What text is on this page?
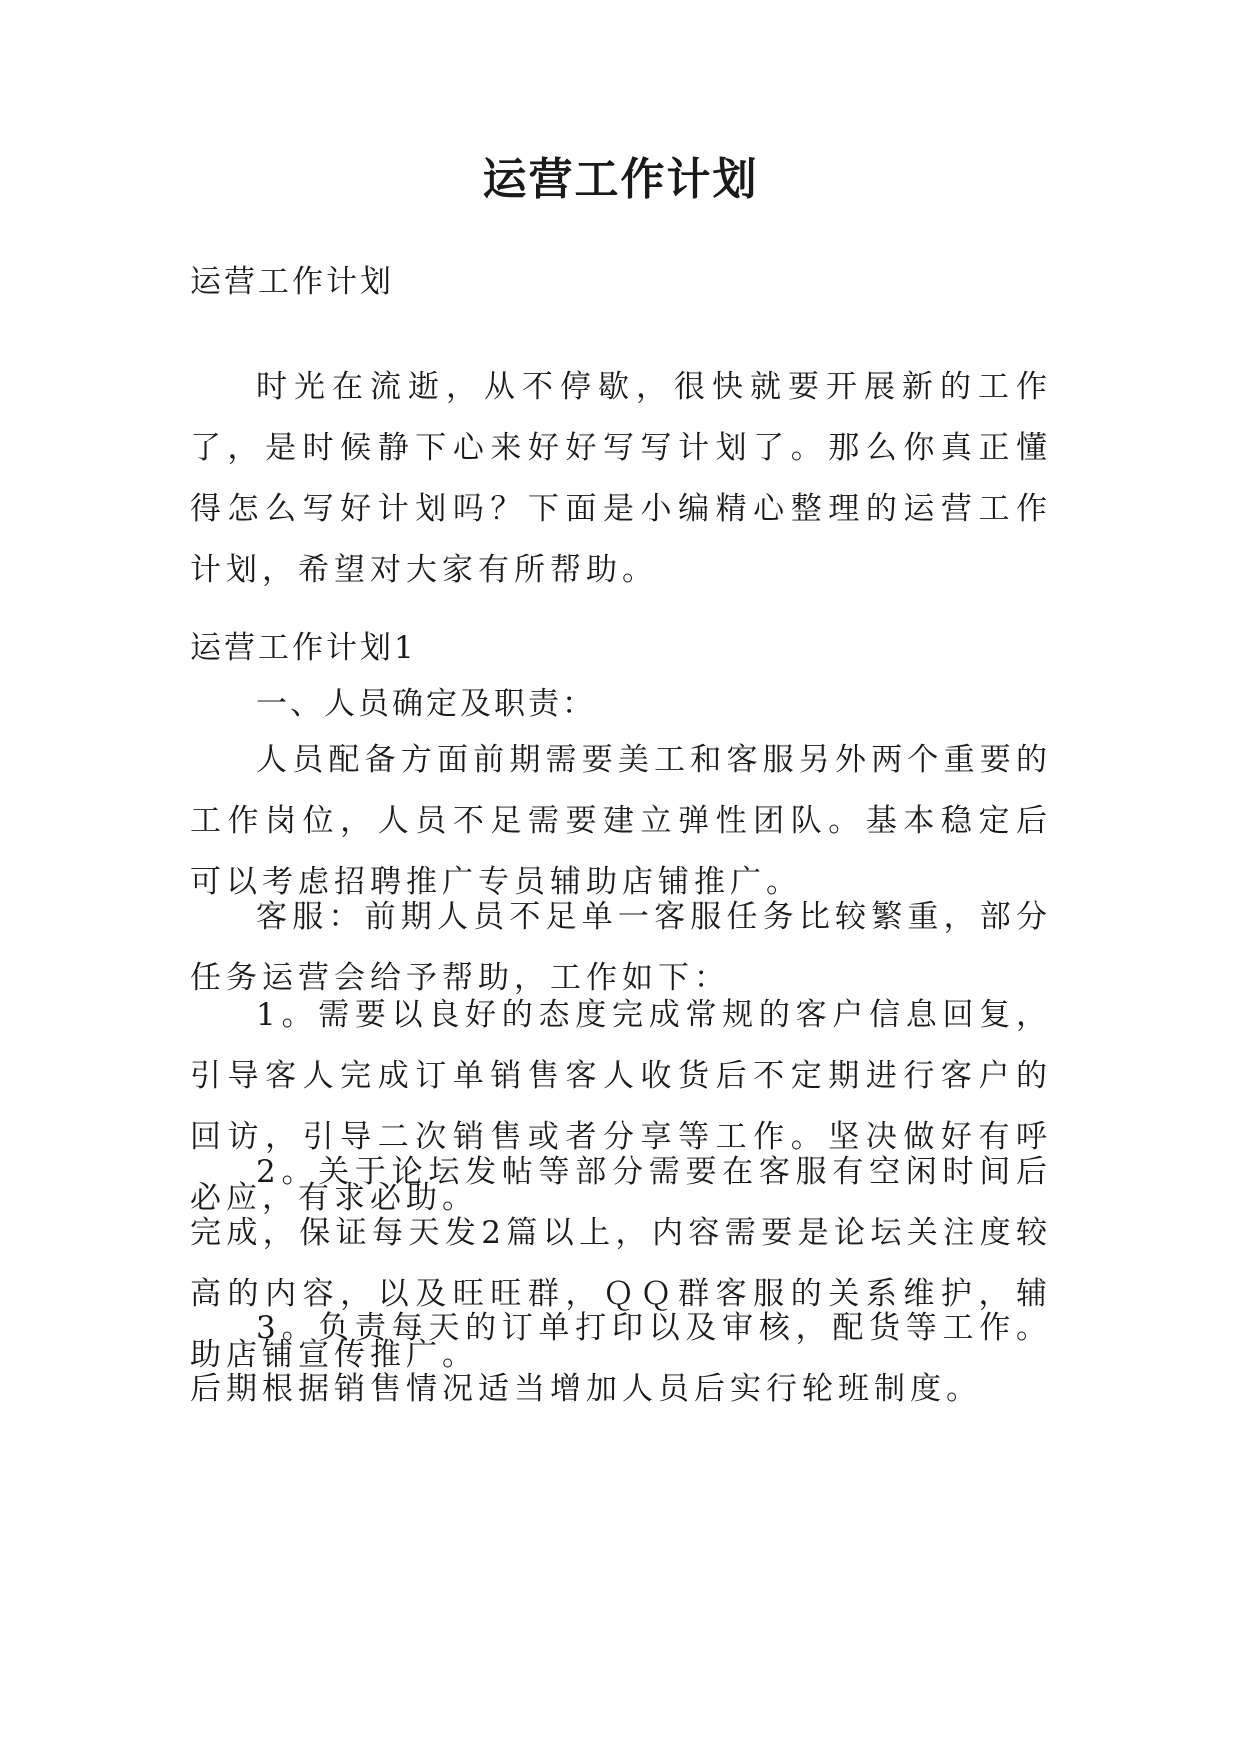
运营工作计划

运营工作计划

时光在流逝，从不停歇，很快就要开展新的工作了，是时候静下心来好好写写计划了。那么你真正懂得怎么写好计划吗？下面是小编精心整理的运营工作计划，希望对大家有所帮助。

运营工作计划1

一、人员确定及职责：

人员配备方面前期需要美工和客服另外两个重要的工作岗位，人员不足需要建立弹性团队。基本稳定后可以考虑招聘推广专员辅助店铺推广。

客服：前期人员不足单一客服任务比较繁重，部分任务运营会给予帮助，工作如下：

1。需要以良好的态度完成常规的客户信息回复，引导客人完成订单销售客人收货后不定期进行客户的回访，引导二次销售或者分享等工作。坚决做好有呼必应，有求必助。

2。关于论坛发帖等部分需要在客服有空闲时间后完成，保证每天发2篇以上，内容需要是论坛关注度较高的内容，以及旺旺群，ＱＱ群客服的关系维护，辅助店铺宣传推广。

3。负责每天的订单打印以及审核，配货等工作。后期根据销售情况适当增加人员后实行轮班制度。
